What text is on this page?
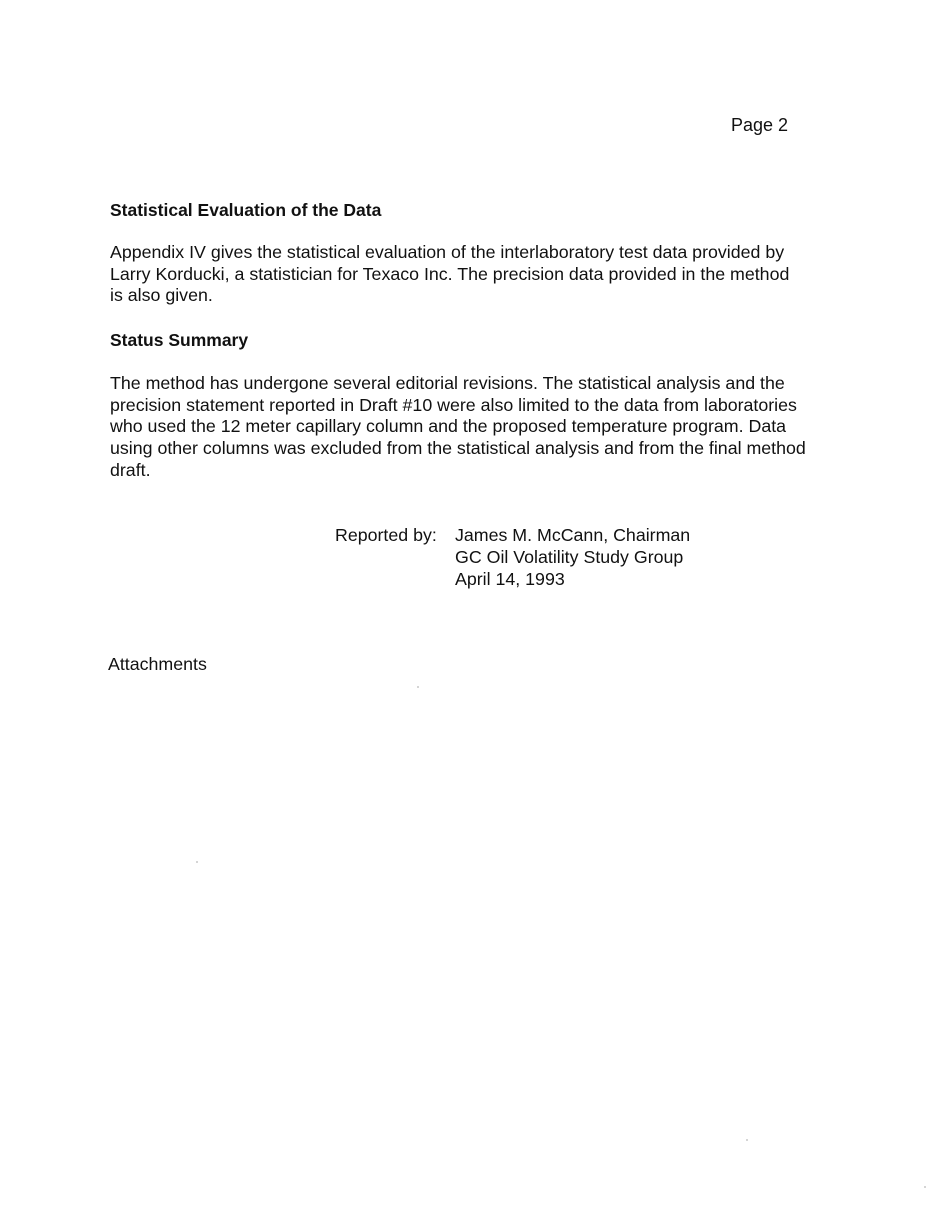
Page 2
Statistical Evaluation of the Data

Appendix IV gives the statistical evaluation of the interlaboratory test data provided by
Larry Korducki, a statistician for Texaco Inc. The precision data provided in the method
is also given.

Status Summary

The method has undergone several editorial revisions. The statistical analysis and the
precision statement reported in Draft #10 were also limited to the data from laboratories
who used the 12 meter capillary column and the proposed temperature program. Data
using other columns was excluded from the statistical analysis and from the final method
draft.

Reported by:	James M. McCann, Chairman
GC Oil Volatility Study Group
April 14, 1993
Attachments
